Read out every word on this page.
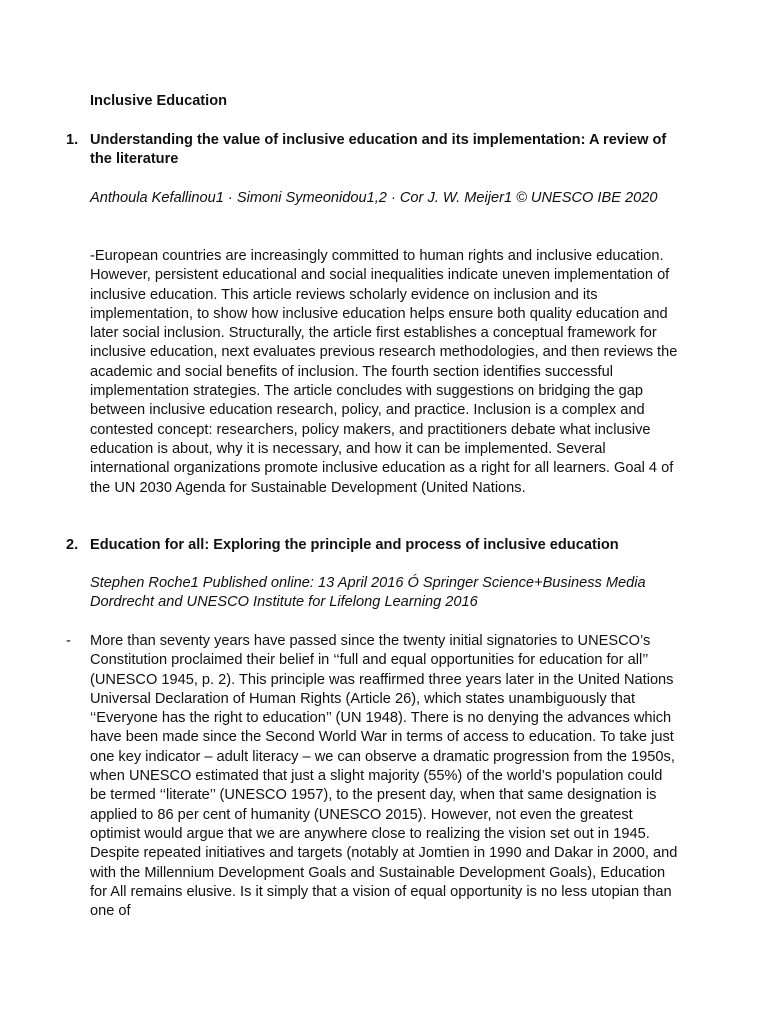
Inclusive Education

1. Understanding the value of inclusive education and its implementation: A review of the literature

Anthoula Kefallinou1 · Simoni Symeonidou1,2 · Cor J. W. Meijer1 © UNESCO IBE 2020

-European countries are increasingly committed to human rights and inclusive education. However, persistent educational and social inequalities indicate uneven implementation of inclusive education. This article reviews scholarly evidence on inclusion and its implementation, to show how inclusive education helps ensure both quality education and later social inclusion. Structurally, the article first establishes a conceptual framework for inclusive education, next evaluates previous research methodologies, and then reviews the academic and social benefits of inclusion. The fourth section identifies successful implementation strategies. The article concludes with suggestions on bridging the gap between inclusive education research, policy, and practice. Inclusion is a complex and contested concept: researchers, policy makers, and practitioners debate what inclusive education is about, why it is necessary, and how it can be implemented. Several international organizations promote inclusive education as a right for all learners. Goal 4 of the UN 2030 Agenda for Sustainable Development (United Nations.

2. Education for all: Exploring the principle and process of inclusive education

Stephen Roche1 Published online: 13 April 2016 Ó Springer Science+Business Media Dordrecht and UNESCO Institute for Lifelong Learning 2016

- More than seventy years have passed since the twenty initial signatories to UNESCO’s Constitution proclaimed their belief in ‘‘full and equal opportunities for education for all’’ (UNESCO 1945, p. 2). This principle was reaffirmed three years later in the United Nations Universal Declaration of Human Rights (Article 26), which states unambiguously that ‘‘Everyone has the right to education’’ (UN 1948). There is no denying the advances which have been made since the Second World War in terms of access to education. To take just one key indicator – adult literacy – we can observe a dramatic progression from the 1950s, when UNESCO estimated that just a slight majority (55%) of the world’s population could be termed ‘‘literate’’ (UNESCO 1957), to the present day, when that same designation is applied to 86 per cent of humanity (UNESCO 2015). However, not even the greatest optimist would argue that we are anywhere close to realizing the vision set out in 1945. Despite repeated initiatives and targets (notably at Jomtien in 1990 and Dakar in 2000, and with the Millennium Development Goals and Sustainable Development Goals), Education for All remains elusive. Is it simply that a vision of equal opportunity is no less utopian than one of
